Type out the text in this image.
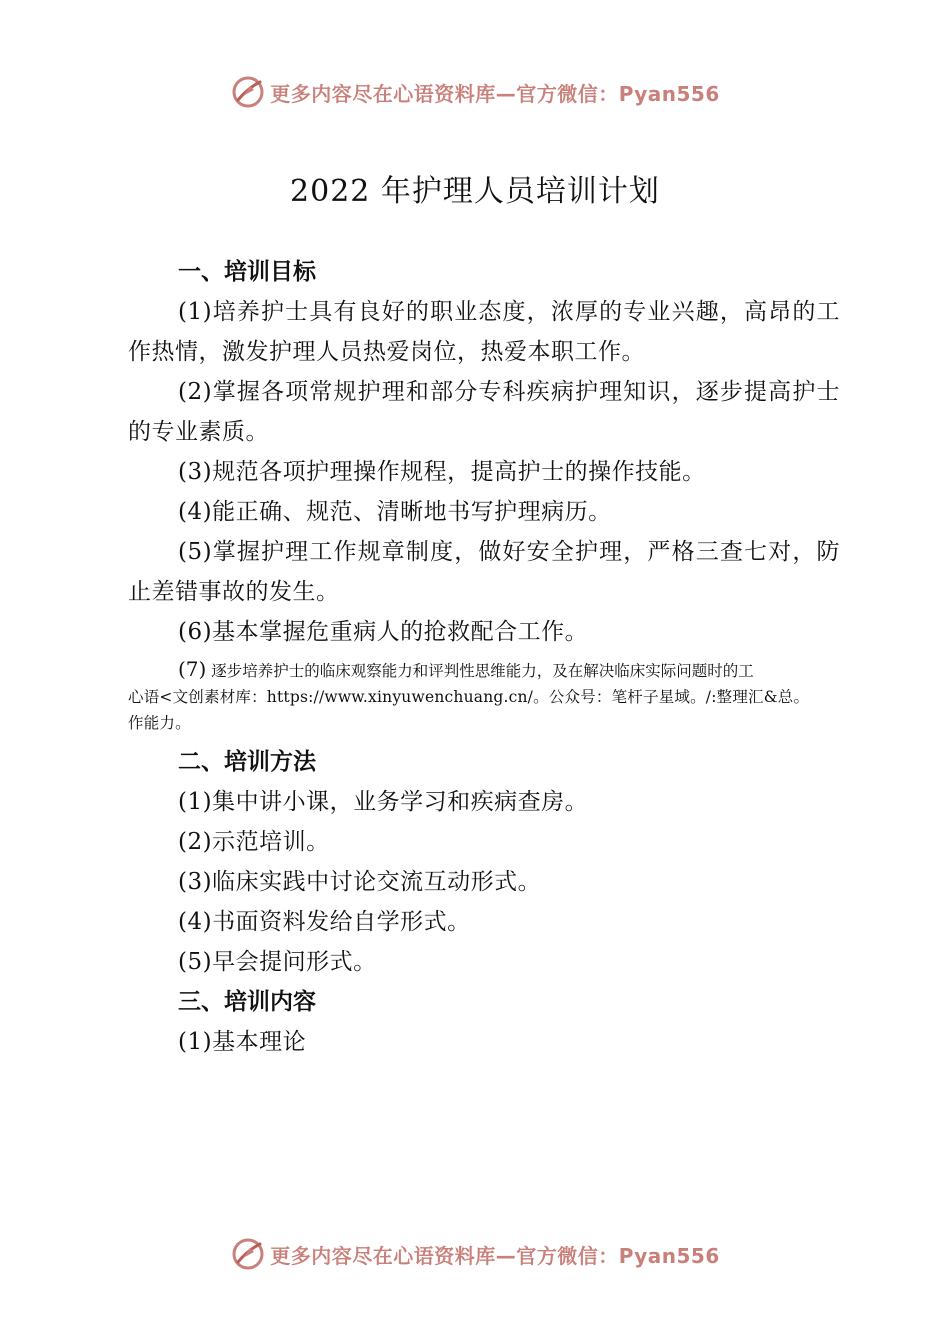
更多内容尽在心语资料库—官方微信：Pyan556
2022 年护理人员培训计划

一、培训目标

(1)培养护士具有良好的职业态度，浓厚的专业兴趣，高昂的工作热情，激发护理人员热爱岗位，热爱本职工作。

(2)掌握各项常规护理和部分专科疾病护理知识，逐步提高护士的专业素质。

(3)规范各项护理操作规程，提高护士的操作技能。

(4)能正确、规范、清晰地书写护理病历。

(5)掌握护理工作规章制度，做好安全护理，严格三查七对，防止差错事故的发生。

(6)基本掌握危重病人的抢救配合工作。

(7) 逐步培养护士的临床观察能力和评判性思维能力，及在解决临床实际问题时的工
心语<文创素材库：https://www.xinyuwenchuang.cn/。公众号：笔杆子星域。/:整理汇&总。
作能力。

二、培训方法

(1)集中讲小课，业务学习和疾病查房。

(2)示范培训。

(3)临床实践中讨论交流互动形式。

(4)书面资料发给自学形式。

(5)早会提问形式。

三、培训内容

(1)基本理论

更多内容尽在心语资料库—官方微信：Pyan556
